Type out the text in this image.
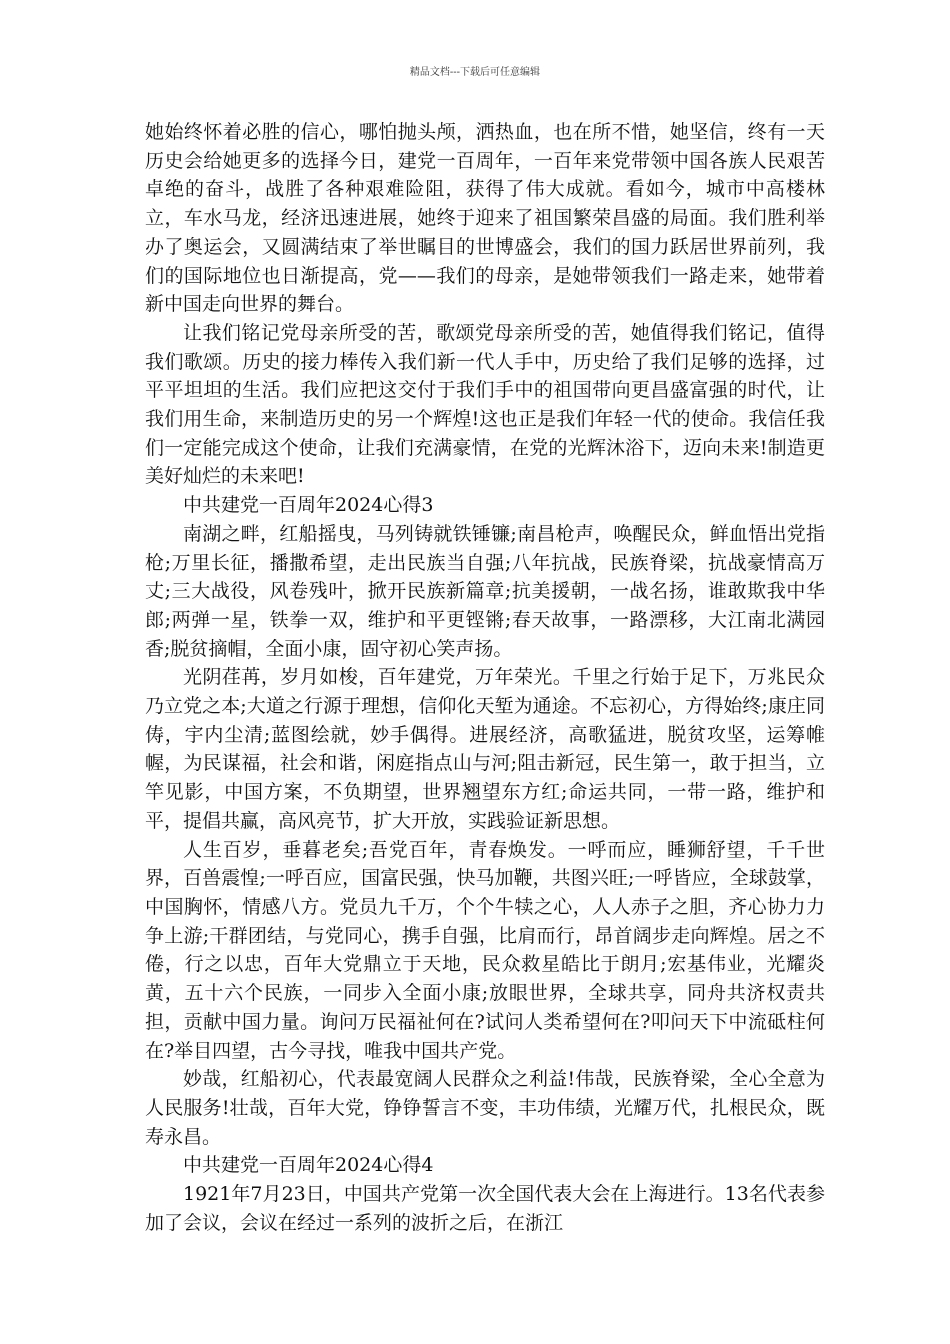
精品文档---下载后可任意编辑

她始终怀着必胜的信心，哪怕抛头颅，洒热血，也在所不惜，她坚信，终有一天历史会给她更多的选择今日，建党一百周年，一百年来党带领中国各族人民艰苦卓绝的奋斗，战胜了各种艰难险阻，获得了伟大成就。看如今，城市中高楼林立，车水马龙，经济迅速进展，她终于迎来了祖国繁荣昌盛的局面。我们胜利举办了奥运会，又圆满结束了举世瞩目的世博盛会，我们的国力跃居世界前列，我们的国际地位也日渐提高，党——我们的母亲，是她带领我们一路走来，她带着新中国走向世界的舞台。

让我们铭记党母亲所受的苦，歌颂党母亲所受的苦，她值得我们铭记，值得我们歌颂。历史的接力棒传入我们新一代人手中，历史给了我们足够的选择，过平平坦坦的生活。我们应把这交付于我们手中的祖国带向更昌盛富强的时代，让我们用生命，来制造历史的另一个辉煌!这也正是我们年轻一代的使命。我信任我们一定能完成这个使命，让我们充满豪情，在党的光辉沐浴下，迈向未来!制造更美好灿烂的未来吧!

中共建党一百周年2024心得3

南湖之畔，红船摇曳，马列铸就铁锤镰;南昌枪声，唤醒民众，鲜血悟出党指枪;万里长征，播撒希望，走出民族当自强;八年抗战，民族脊梁，抗战豪情高万丈;三大战役，风卷残叶，掀开民族新篇章;抗美援朝，一战名扬，谁敢欺我中华郎;两弹一星，铁拳一双，维护和平更铿锵;春天故事，一路漂移，大江南北满园香;脱贫摘帽，全面小康，固守初心笑声扬。

光阴荏苒，岁月如梭，百年建党，万年荣光。千里之行始于足下，万兆民众乃立党之本;大道之行源于理想，信仰化天堑为通途。不忘初心，方得始终;康庄同俦，宇内尘清;蓝图绘就，妙手偶得。进展经济，高歌猛进，脱贫攻坚，运筹帷幄，为民谋福，社会和谐，闲庭指点山与河;阻击新冠，民生第一，敢于担当，立竿见影，中国方案，不负期望，世界翘望东方红;命运共同，一带一路，维护和平，提倡共赢，高风亮节，扩大开放，实践验证新思想。

人生百岁，垂暮老矣;吾党百年，青春焕发。一呼而应，睡狮舒望，千千世界，百兽震惶;一呼百应，国富民强，快马加鞭，共图兴旺;一呼皆应，全球鼓掌，中国胸怀，情感八方。党员九千万，个个牛犊之心，人人赤子之胆，齐心协力力争上游;干群团结，与党同心，携手自强，比肩而行，昂首阔步走向辉煌。居之不倦，行之以忠，百年大党鼎立于天地，民众救星皓比于朗月;宏基伟业，光耀炎黄，五十六个民族，一同步入全面小康;放眼世界，全球共享，同舟共济权责共担，贡献中国力量。询问万民福祉何在?试问人类希望何在?叩问天下中流砥柱何在?举目四望，古今寻找，唯我中国共产党。

妙哉，红船初心，代表最宽阔人民群众之利益!伟哉，民族脊梁，全心全意为人民服务!壮哉，百年大党，铮铮誓言不变，丰功伟绩，光耀万代，扎根民众，既寿永昌。

中共建党一百周年2024心得4

1921年7月23日，中国共产党第一次全国代表大会在上海进行。13名代表参加了会议，会议在经过一系列的波折之后，在浙江
